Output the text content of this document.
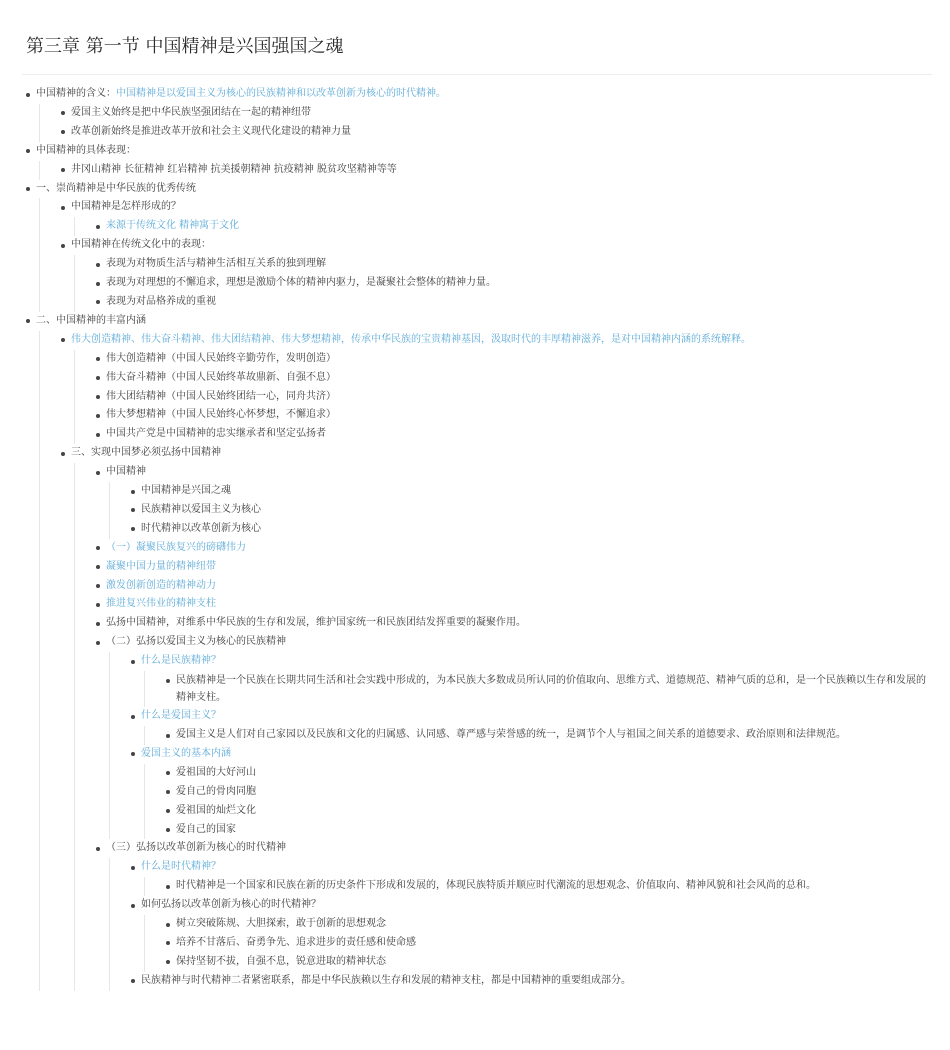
第三章 第一节 中国精神是兴国强国之魂
中国精神的含义：中国精神是以爱国主义为核心的民族精神和以改革创新为核心的时代精神。
爱国主义始终是把中华民族坚强团结在一起的精神纽带
改革创新始终是推进改革开放和社会主义现代化建设的精神力量
中国精神的具体表现：
井冈山精神 长征精神 红岩精神 抗美援朝精神 抗疫精神 脱贫攻坚精神等等
一、崇尚精神是中华民族的优秀传统
中国精神是怎样形成的？
来源于传统文化 精神寓于文化
中国精神在传统文化中的表现：
表现为对物质生活与精神生活相互关系的独到理解
表现为对理想的不懈追求，理想是激励个体的精神内驱力，是凝聚社会整体的精神力量。
表现为对品格养成的重视
二、中国精神的丰富内涵
伟大创造精神、伟大奋斗精神、伟大团结精神、伟大梦想精神，传承中华民族的宝贵精神基因，汲取时代的丰厚精神滋养，是对中国精神内涵的系统解释。
伟大创造精神（中国人民始终辛勤劳作，发明创造）
伟大奋斗精神（中国人民始终革故鼎新、自强不息）
伟大团结精神（中国人民始终团结一心，同舟共济）
伟大梦想精神（中国人民始终心怀梦想，不懈追求）
中国共产党是中国精神的忠实继承者和坚定弘扬者
三、实现中国梦必须弘扬中国精神
中国精神
中国精神是兴国之魂
民族精神以爱国主义为核心
时代精神以改革创新为核心
（一）凝聚民族复兴的磅礴伟力
凝聚中国力量的精神纽带
激发创新创造的精神动力
推进复兴伟业的精神支柱
弘扬中国精神，对维系中华民族的生存和发展，维护国家统一和民族团结发挥重要的凝聚作用。
（二）弘扬以爱国主义为核心的民族精神
什么是民族精神？
民族精神是一个民族在长期共同生活和社会实践中形成的，为本民族大多数成员所认同的价值取向、思维方式、道德规范、精神气质的总和，是一个民族赖以生存和发展的精神支柱。
什么是爱国主义？
爱国主义是人们对自己家园以及民族和文化的归属感、认同感、尊严感与荣誉感的统一，是调节个人与祖国之间关系的道德要求、政治原则和法律规范。
爱国主义的基本内涵
爱祖国的大好河山
爱自己的骨肉同胞
爱祖国的灿烂文化
爱自己的国家
（三）弘扬以改革创新为核心的时代精神
什么是时代精神？
时代精神是一个国家和民族在新的历史条件下形成和发展的，体现民族特质并顺应时代潮流的思想观念、价值取向、精神风貌和社会风尚的总和。
如何弘扬以改革创新为核心的时代精神？
树立突破陈规、大胆探索，敢于创新的思想观念
培养不甘落后、奋勇争先、追求进步的责任感和使命感
保持坚韧不拔，自强不息，锐意进取的精神状态
民族精神与时代精神二者紧密联系，都是中华民族赖以生存和发展的精神支柱，都是中国精神的重要组成部分。
